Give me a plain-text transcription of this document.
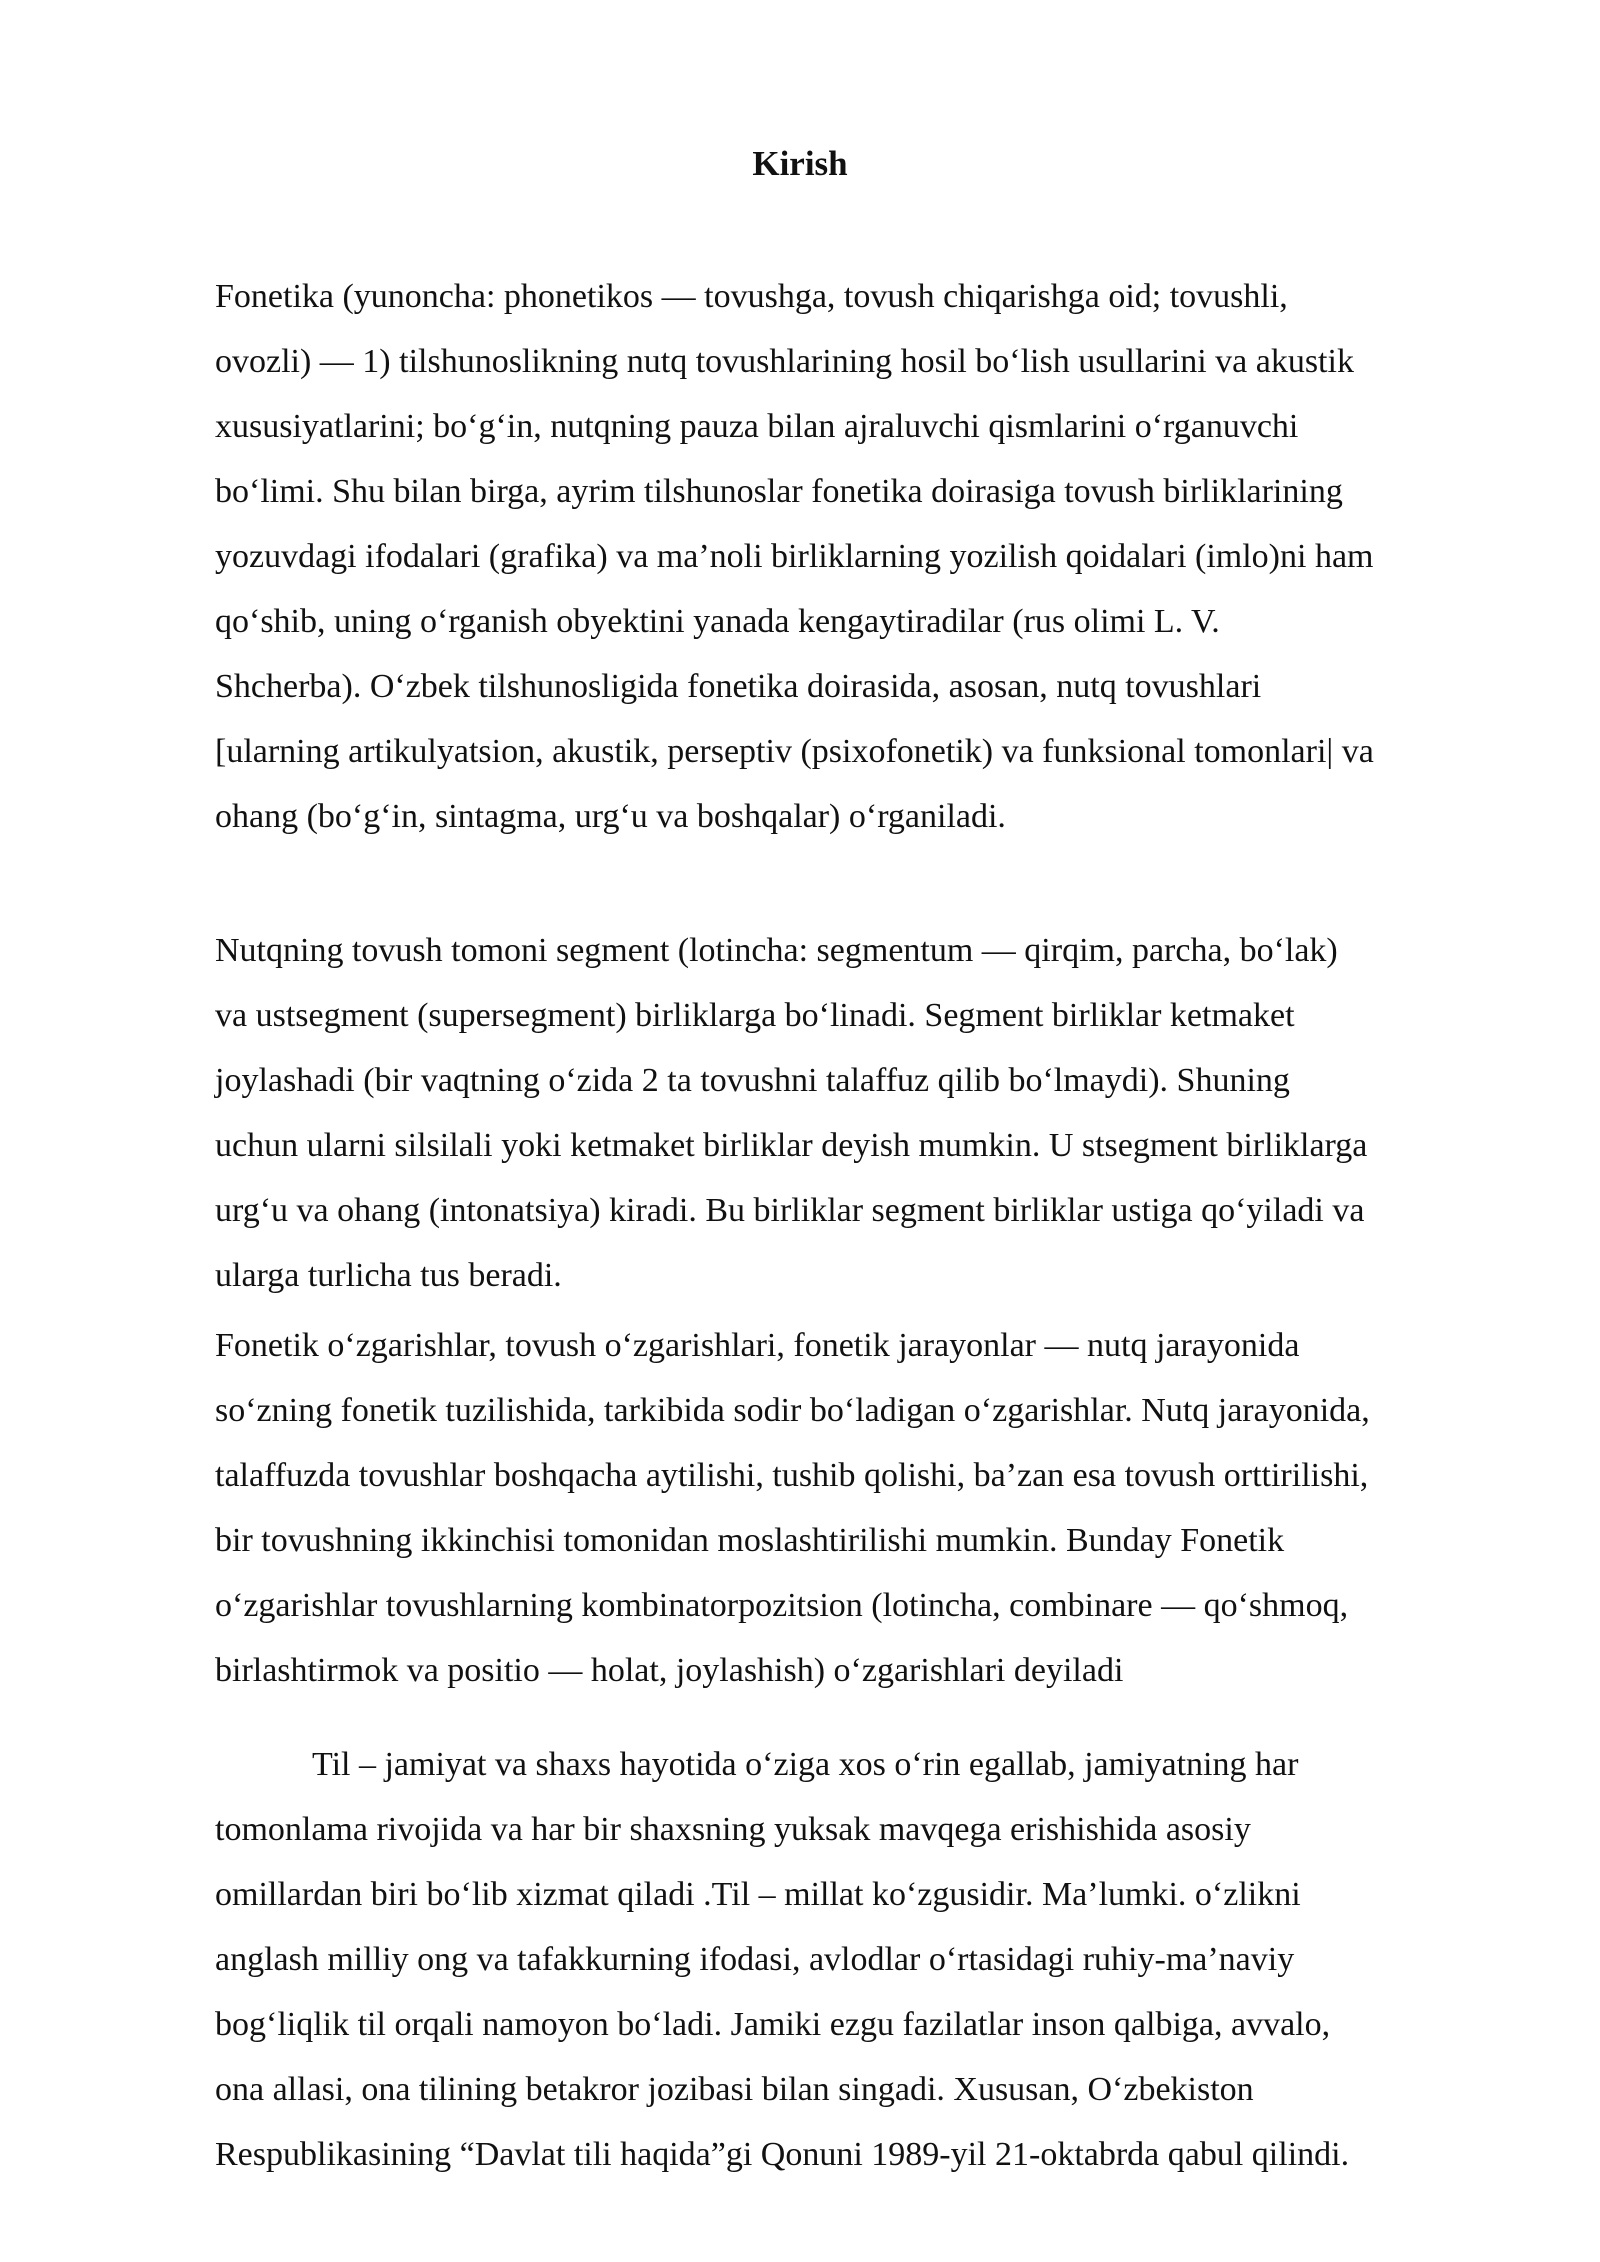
Kirish
Fonetika (yunoncha: phonetikos — tovushga, tovush chiqarishga oid; tovushli,
ovozli) — 1) tilshunoslikning nutq tovushlarining hosil bo‘lish usullarini va akustik
xususiyatlarini; bo‘g‘in, nutqning pauza bilan ajraluvchi qismlarini o‘rganuvchi
bo‘limi. Shu bilan birga, ayrim tilshunoslar fonetika doirasiga tovush birliklarining
yozuvdagi ifodalari (grafika) va ma’noli birliklarning yozilish qoidalari (imlo)ni ham
qo‘shib, uning o‘rganish obyektini yanada kengaytiradilar (rus olimi L. V.
Shcherba). O‘zbek tilshunosligida fonetika doirasida, asosan, nutq tovushlari
[ularning artikulyatsion, akustik, perseptiv (psixofonetik) va funksional tomonlari| va
ohang (bo‘g‘in, sintagma, urg‘u va boshqalar) o‘rganiladi.
Nutqning tovush tomoni segment (lotincha: segmentum — qirqim, parcha, bo‘lak)
va ustsegment (supersegment) birliklarga bo‘linadi. Segment birliklar ketmaket
joylashadi (bir vaqtning o‘zida 2 ta tovushni talaffuz qilib bo‘lmaydi). Shuning
uchun ularni silsilali yoki ketmaket birliklar deyish mumkin. U stsegment birliklarga
urg‘u va ohang (intonatsiya) kiradi. Bu birliklar segment birliklar ustiga qo‘yiladi va
ularga turlicha tus beradi.
Fonetik o‘zgarishlar, tovush o‘zgarishlari, fonetik jarayonlar — nutq jarayonida
so‘zning fonetik tuzilishida, tarkibida sodir bo‘ladigan o‘zgarishlar. Nutq jarayonida,
talaffuzda tovushlar boshqacha aytilishi, tushib qolishi, ba’zan esa tovush orttirilishi,
bir tovushning ikkinchisi tomonidan moslashtirilishi mumkin. Bunday Fonetik
o‘zgarishlar tovushlarning kombinatorpozitsion (lotincha, combinare — qo‘shmoq,
birlashtirmok va positio — holat, joylashish) o‘zgarishlari deyiladi
Til – jamiyat va shaxs hayotida o‘ziga xos o‘rin egallab, jamiyatning har
tomonlama rivojida va har bir shaxsning yuksak mavqega erishishida asosiy
omillardan biri bo‘lib xizmat qiladi .Til – millat ko‘zgusidir. Ma’lumki. o‘zlikni
anglash milliy ong va tafakkurning ifodasi, avlodlar o‘rtasidagi ruhiy-ma’naviy
bog‘liqlik til orqali namoyon bo‘ladi. Jamiki ezgu fazilatlar inson qalbiga, avvalo,
ona allasi, ona tilining betakror jozibasi bilan singadi. Xususan, O‘zbekiston
Respublikasining “Davlat tili haqida”gi Qonuni 1989-yil 21-oktabrda qabul qilindi.
